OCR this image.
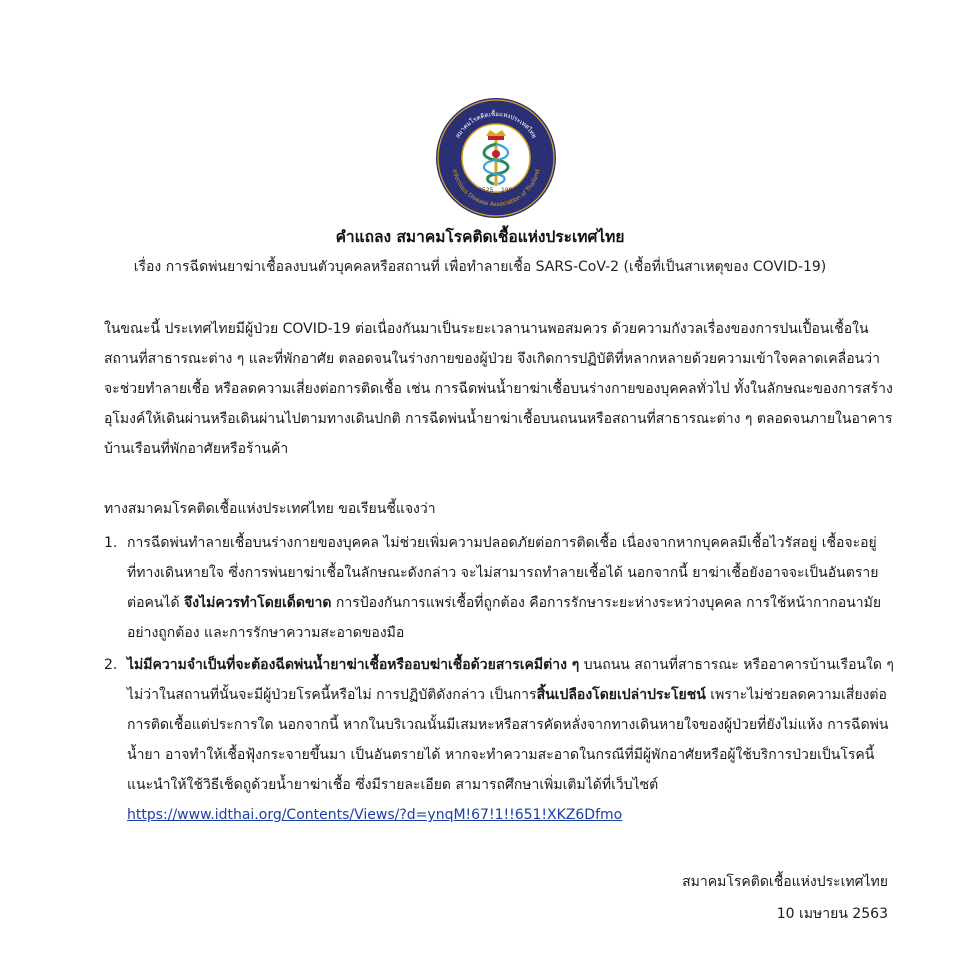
สมาคมโรคติดเชื้อแห่งประเทศไทย
Infectious Disease Association of Thailand
2525 1982
คำแถลง สมาคมโรคติดเชื้อแห่งประเทศไทย
เรื่อง การฉีดพ่นยาฆ่าเชื้อลงบนตัวบุคคลหรือสถานที่ เพื่อทำลายเชื้อ SARS-CoV-2 (เชื้อที่เป็นสาเหตุของ COVID-19)
ในขณะนี้ ประเทศไทยมีผู้ป่วย COVID-19 ต่อเนื่องกันมาเป็นระยะเวลานานพอสมควร ด้วยความกังวลเรื่องของการปนเปื้อนเชื้อในสถานที่สาธารณะต่าง ๆ และที่พักอาศัย ตลอดจนในร่างกายของผู้ป่วย จึงเกิดการปฏิบัติที่หลากหลายด้วยความเข้าใจคลาดเคลื่อนว่าจะช่วยทำลายเชื้อ หรือลดความเสี่ยงต่อการติดเชื้อ เช่น การฉีดพ่นน้ำยาฆ่าเชื้อบนร่างกายของบุคคลทั่วไป ทั้งในลักษณะของการสร้างอุโมงค์ให้เดินผ่านหรือเดินผ่านไปตามทางเดินปกติ การฉีดพ่นน้ำยาฆ่าเชื้อบนถนนหรือสถานที่สาธารณะต่าง ๆ ตลอดจนภายในอาคารบ้านเรือนที่พักอาศัยหรือร้านค้า
ทางสมาคมโรคติดเชื้อแห่งประเทศไทย ขอเรียนชี้แจงว่า
1. การฉีดพ่นทำลายเชื้อบนร่างกายของบุคคล ไม่ช่วยเพิ่มความปลอดภัยต่อการติดเชื้อ เนื่องจากหากบุคคลมีเชื้อไวรัสอยู่ เชื้อจะอยู่ที่ทางเดินหายใจ ซึ่งการพ่นยาฆ่าเชื้อในลักษณะดังกล่าว จะไม่สามารถทำลายเชื้อได้ นอกจากนี้ ยาฆ่าเชื้อยังอาจจะเป็นอันตรายต่อคนได้ จึงไม่ควรทำโดยเด็ดขาด การป้องกันการแพร่เชื้อที่ถูกต้อง คือการรักษาระยะห่างระหว่างบุคคล การใช้หน้ากากอนามัยอย่างถูกต้อง และการรักษาความสะอาดของมือ
2. ไม่มีความจำเป็นที่จะต้องฉีดพ่นน้ำยาฆ่าเชื้อหรืออบฆ่าเชื้อด้วยสารเคมีต่าง ๆ บนถนน สถานที่สาธารณะ หรืออาคารบ้านเรือนใด ๆ ไม่ว่าในสถานที่นั้นจะมีผู้ป่วยโรคนี้หรือไม่ การปฏิบัติดังกล่าว เป็นการสิ้นเปลืองโดยเปล่าประโยชน์ เพราะไม่ช่วยลดความเสี่ยงต่อการติดเชื้อแต่ประการใด นอกจากนี้ หากในบริเวณนั้นมีเสมหะหรือสารคัดหลั่งจากทางเดินหายใจของผู้ป่วยที่ยังไม่แห้ง การฉีดพ่นน้ำยา อาจทำให้เชื้อฟุ้งกระจายขึ้นมา เป็นอันตรายได้ หากจะทำความสะอาดในกรณีที่มีผู้พักอาศัยหรือผู้ใช้บริการป่วยเป็นโรคนี้ แนะนำให้ใช้วิธีเช็ดถูด้วยน้ำยาฆ่าเชื้อ ซึ่งมีรายละเอียด สามารถศึกษาเพิ่มเติมได้ที่เว็บไซต์
https://www.idthai.org/Contents/Views/?d=ynqM!67!1!!651!XKZ6Dfmo
สมาคมโรคติดเชื้อแห่งประเทศไทย
10 เมษายน 2563
